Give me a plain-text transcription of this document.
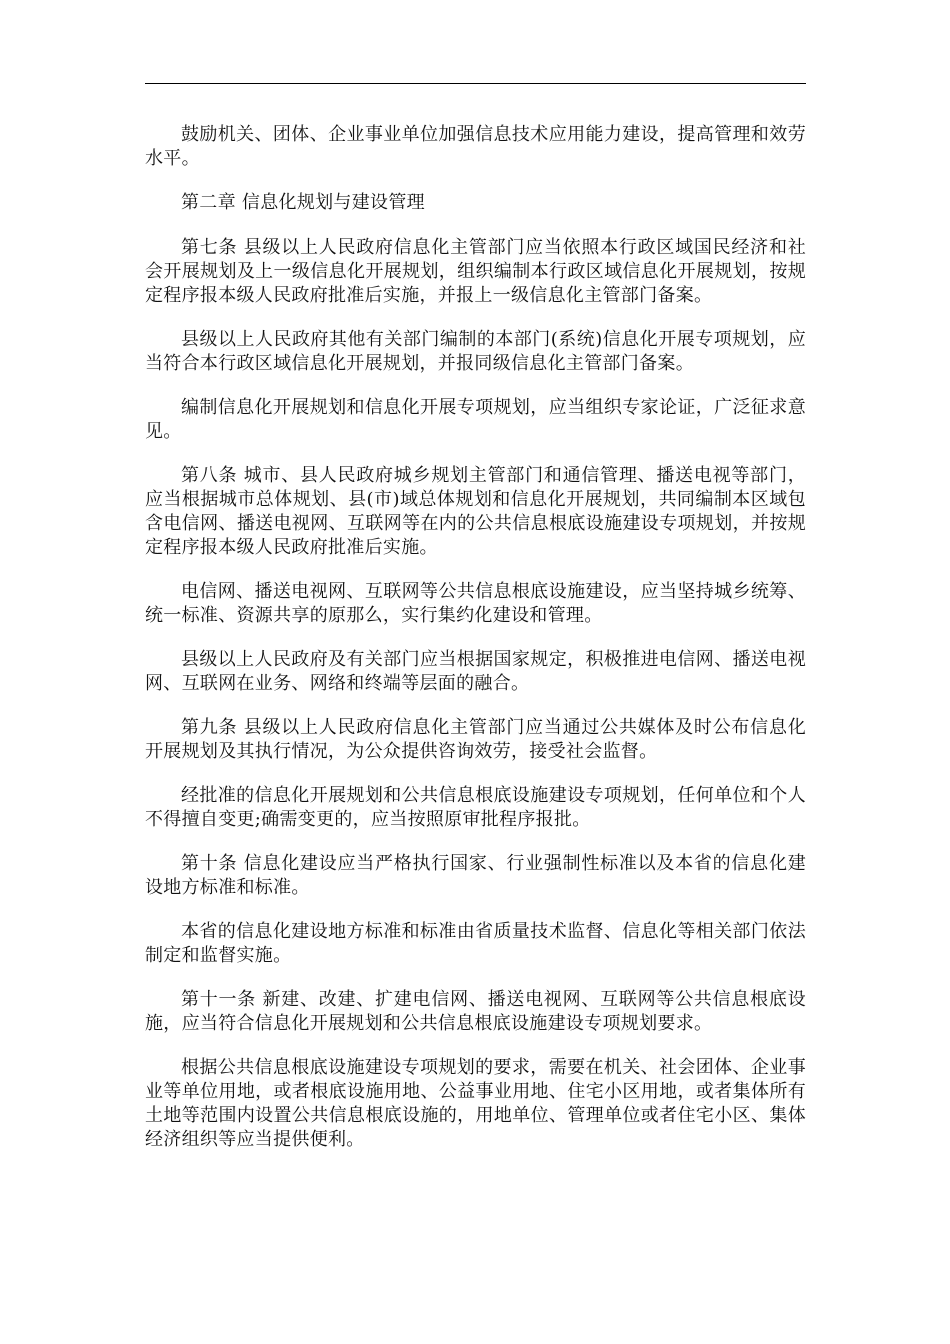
鼓励机关、团体、企业事业单位加强信息技术应用能力建设，提高管理和效劳水平。

第二章 信息化规划与建设管理

第七条 县级以上人民政府信息化主管部门应当依照本行政区域国民经济和社会开展规划及上一级信息化开展规划，组织编制本行政区域信息化开展规划，按规定程序报本级人民政府批准后实施，并报上一级信息化主管部门备案。

县级以上人民政府其他有关部门编制的本部门(系统)信息化开展专项规划，应当符合本行政区域信息化开展规划，并报同级信息化主管部门备案。

编制信息化开展规划和信息化开展专项规划，应当组织专家论证，广泛征求意见。

第八条 城市、县人民政府城乡规划主管部门和通信管理、播送电视等部门，应当根据城市总体规划、县(市)域总体规划和信息化开展规划，共同编制本区域包含电信网、播送电视网、互联网等在内的公共信息根底设施建设专项规划，并按规定程序报本级人民政府批准后实施。

电信网、播送电视网、互联网等公共信息根底设施建设，应当坚持城乡统筹、统一标准、资源共享的原那么，实行集约化建设和管理。

县级以上人民政府及有关部门应当根据国家规定，积极推进电信网、播送电视网、互联网在业务、网络和终端等层面的融合。

第九条 县级以上人民政府信息化主管部门应当通过公共媒体及时公布信息化开展规划及其执行情况，为公众提供咨询效劳，接受社会监督。

经批准的信息化开展规划和公共信息根底设施建设专项规划，任何单位和个人不得擅自变更;确需变更的，应当按照原审批程序报批。

第十条 信息化建设应当严格执行国家、行业强制性标准以及本省的信息化建设地方标准和标准。

本省的信息化建设地方标准和标准由省质量技术监督、信息化等相关部门依法制定和监督实施。

第十一条 新建、改建、扩建电信网、播送电视网、互联网等公共信息根底设施，应当符合信息化开展规划和公共信息根底设施建设专项规划要求。

根据公共信息根底设施建设专项规划的要求，需要在机关、社会团体、企业事业等单位用地，或者根底设施用地、公益事业用地、住宅小区用地，或者集体所有土地等范围内设置公共信息根底设施的，用地单位、管理单位或者住宅小区、集体经济组织等应当提供便利。
